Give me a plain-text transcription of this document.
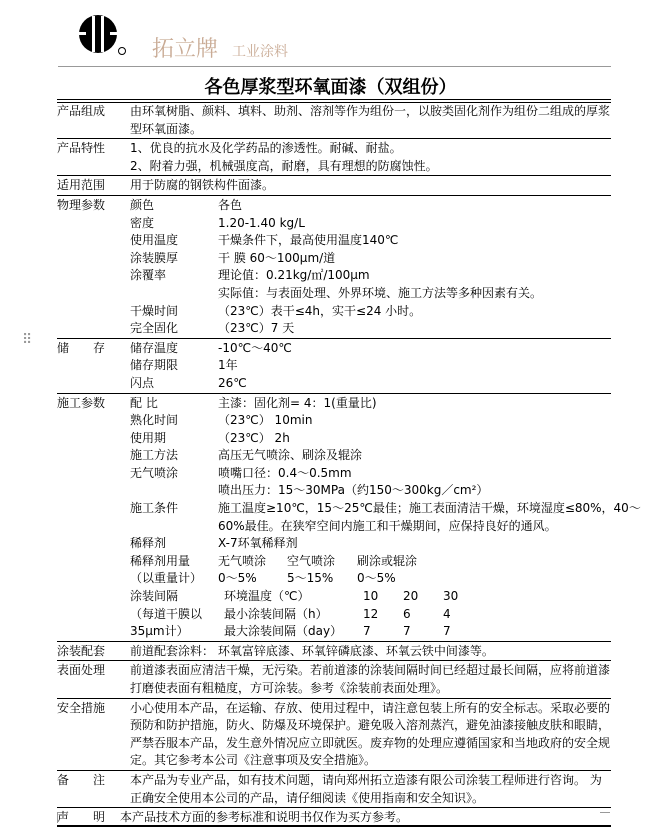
拓立牌 工业涂料
各色厚浆型环氧面漆（双组份）
⠿
产品组成 由环氧树脂、颜料、填料、助剂、溶剂等作为组份一，以胺类固化剂作为组份二组成的厚浆
型环氧面漆。
产品特性 1、优良的抗水及化学药品的渗透性。耐碱、耐盐。
2、附着力强，机械强度高，耐磨，具有理想的防腐蚀性。
适用范围 用于防腐的钢铁构件面漆。
物理参数 颜色	各色
密度	1.20-1.40 kg/L
使用温度	干燥条件下，最高使用温度140℃
涂装膜厚	干 膜 60～100μm/道
涂覆率	理论值：0.21kg/㎡/100μm
实际值：与表面处理、外界环境、施工方法等多种因素有关。
干燥时间	（23℃）表干≤4h，实干≤24 小时。
完全固化	（23℃）7 天
储　　存 储存温度	-10℃～40℃
储存期限	1年
闪点	26℃
施工参数 配 比	主漆：固化剂= 4：1(重量比)
熟化时间	（23℃） 10min
使用期	（23℃） 2h
施工方法	高压无气喷涂、刷涂及辊涂
无气喷涂	喷嘴口径：0.4～0.5mm
喷出压力：15～30MPa（约150～300kg／cm²）
施工条件	施工温度≥10℃，15～25℃最佳；施工表面清洁干燥，环境湿度≤80%，40～
60%最佳。在狭窄空间内施工和干燥期间，应保持良好的通风。
稀释剂	X-7环氧稀释剂
稀释剂用量 无气喷涂 空气喷涂 刷涂或辊涂
（以重量计） 0～5%	5～15% 0～5%
涂装间隔	环境温度（℃）	10 20 30
（每道干膜以 最小涂装间隔（h）	12 6	4
35μm计）	最大涂装间隔（day） 7	7	7
涂装配套 前道配套涂料： 环氧富锌底漆、环氧锌磷底漆、环氧云铁中间漆等。
表面处理 前道漆表面应清洁干燥，无污染。若前道漆的涂装间隔时间已经超过最长间隔，应将前道漆
打磨使表面有粗糙度，方可涂装。参考《涂装前表面处理》。
安全措施 小心使用本产品，在运输、存放、使用过程中，请注意包装上所有的安全标志。采取必要的
预防和防护措施，防火、防爆及环境保护。避免吸入溶剂蒸汽，避免油漆接触皮肤和眼睛，
严禁吞服本产品，发生意外情况应立即就医。废弃物的处理应遵循国家和当地政府的安全规
定。其它参考本公司《注意事项及安全措施》。
备　　注 本产品为专业产品，如有技术问题，请向郑州拓立造漆有限公司涂装工程师进行咨询。 为
正确安全使用本公司的产品，请仔细阅读《使用指南和安全知识》。
声　　明 本产品技术方面的参考标准和说明书仅作为买方参考。
